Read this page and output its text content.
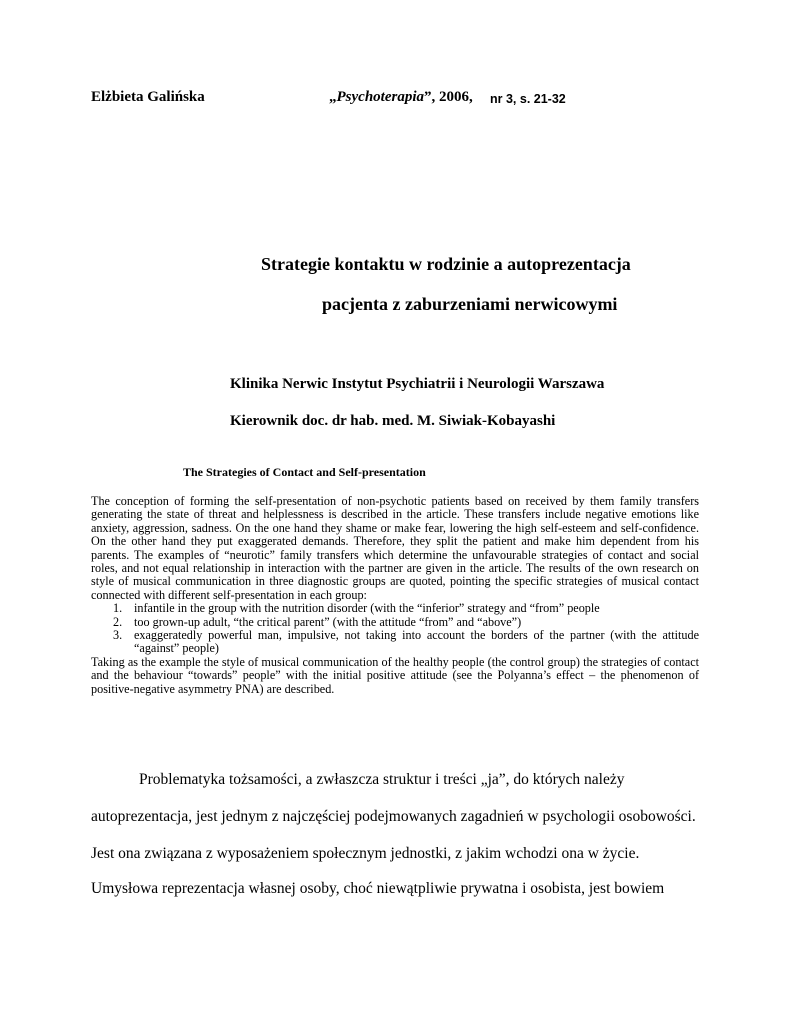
Elżbieta Galińska	„Psychoterapia”, 2006, nr 3, s. 21-32
Strategie kontaktu w rodzinie a autoprezentacja
pacjenta z zaburzeniami nerwicowymi
Klinika Nerwic Instytut Psychiatrii i Neurologii Warszawa
Kierownik doc. dr hab. med. M. Siwiak-Kobayashi
The Strategies of Contact and Self-presentation

The conception of forming the self-presentation of non-psychotic patients based on received by them family transfers generating the state of threat and helplessness is described in the article. These transfers include negative emotions like anxiety, aggression, sadness. On the one hand they shame or make fear, lowering the high self-esteem and self-confidence. On the other hand they put exaggerated demands. Therefore, they split the patient and make him dependent from his parents. The examples of “neurotic” family transfers which determine the unfavourable strategies of contact and social roles, and not equal relationship in interaction with the partner are given in the article. The results of the own research on style of musical communication in three diagnostic groups are quoted, pointing the specific strategies of musical contact connected with different self-presentation in each group:

1. infantile in the group with the nutrition disorder (with the “inferior” strategy and “from” people
2. too grown-up adult, “the critical parent” (with the attitude “from” and “above”)
3. exaggeratedly powerful man, impulsive, not taking into account the borders of the partner (with the attitude “against” people)

Taking as the example the style of musical communication of the healthy people (the control group) the strategies of contact and the behaviour “towards” people” with the initial positive attitude (see the Polyanna’s effect – the phenomenon of positive-negative asymmetry PNA) are described.

Problematyka tożsamości, a zwłaszcza struktur i treści „ja”, do których należy
autoprezentacja, jest jednym z najczęściej podejmowanych zagadnień w psychologii osobowości.
Jest ona związana z wyposażeniem społecznym jednostki, z jakim wchodzi ona w życie.
Umysłowa reprezentacja własnej osoby, choć niewątpliwie prywatna i osobista, jest bowiem
